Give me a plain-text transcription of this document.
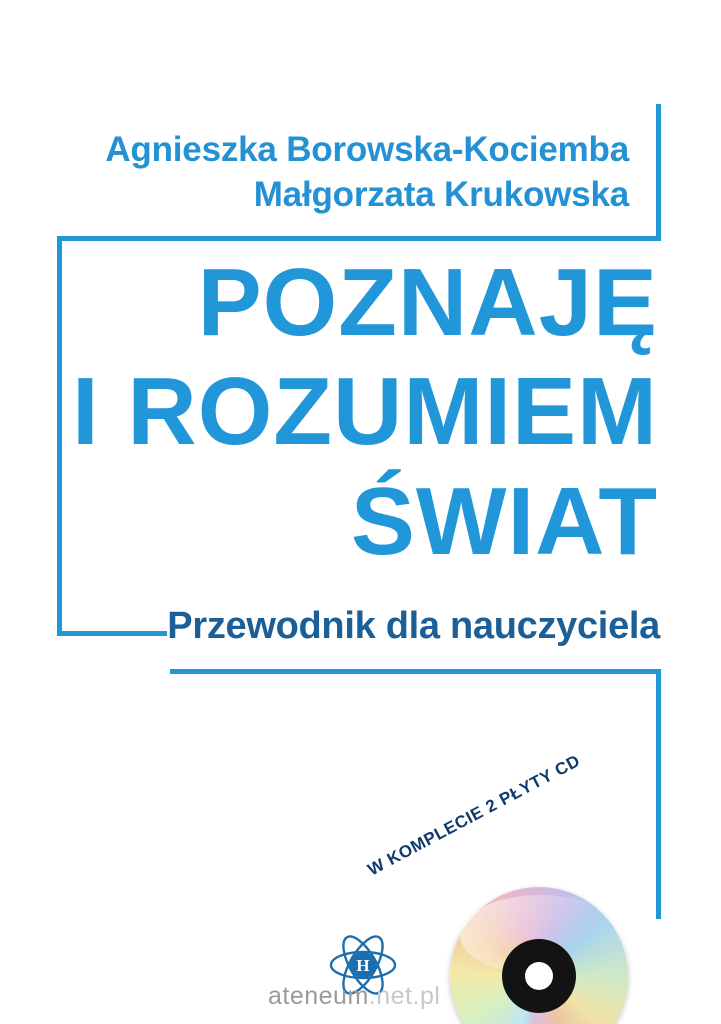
Agnieszka Borowska-Kociemba
Małgorzata Krukowska
POZNAJĘ
I ROZUMIEM
ŚWIAT
Przewodnik dla nauczyciela
W KOMPLECIE 2 PŁYTY CD
H
ateneum.net.pl
